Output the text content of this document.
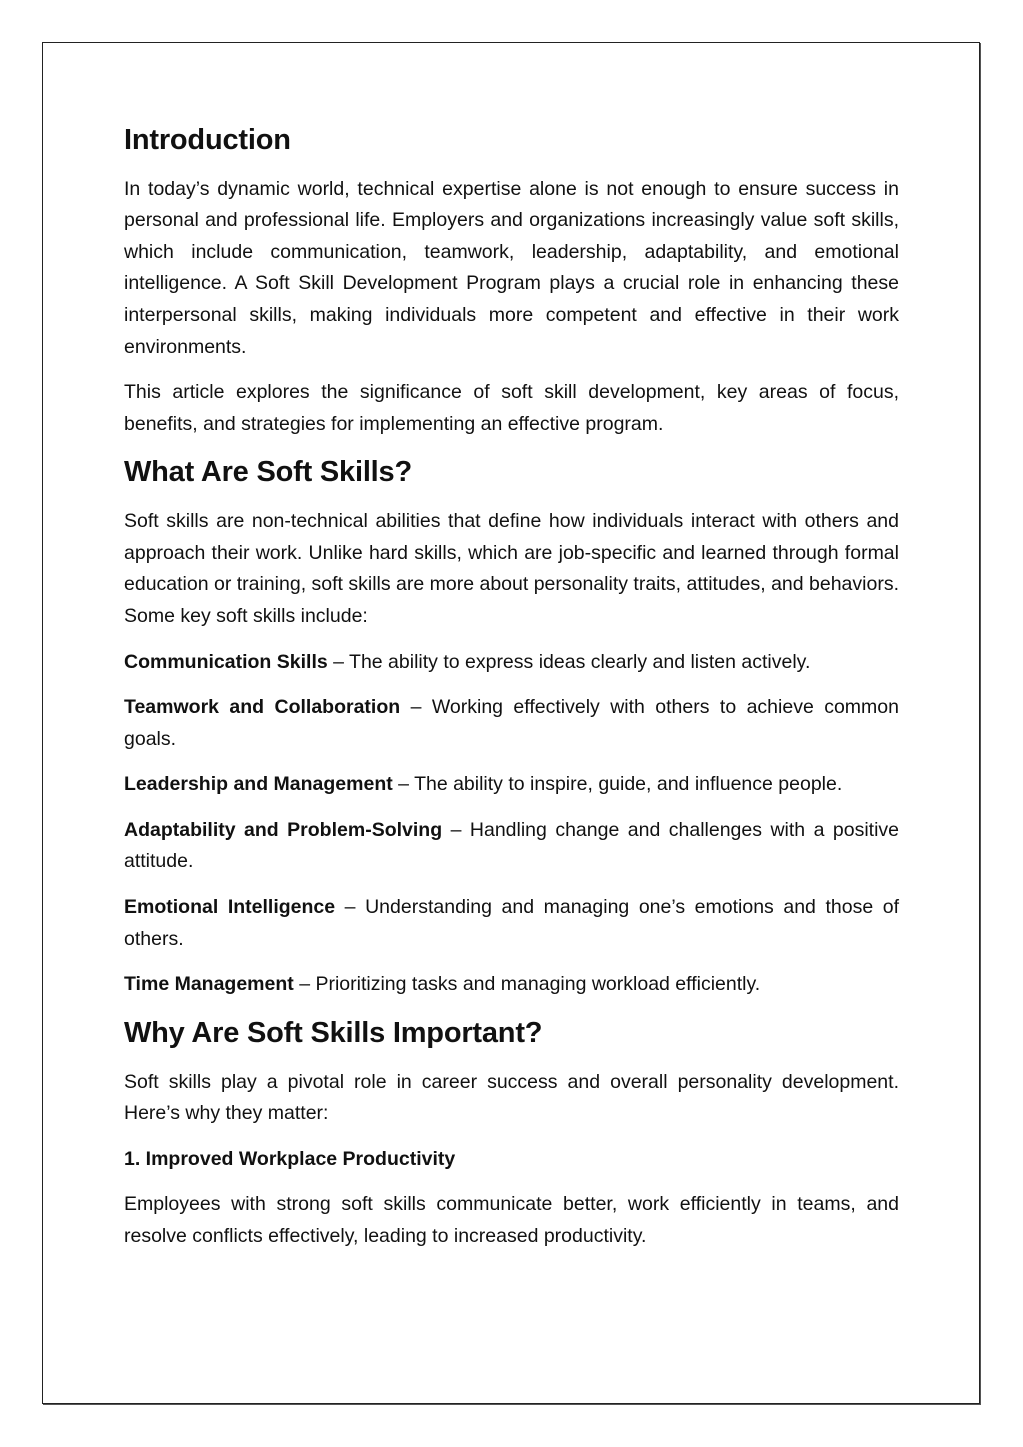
Introduction

In today’s dynamic world, technical expertise alone is not enough to ensure success in personal and professional life. Employers and organizations increasingly value soft skills, which include communication, teamwork, leadership, adaptability, and emotional intelligence. A Soft Skill Development Program plays a crucial role in enhancing these interpersonal skills, making individuals more competent and effective in their work environments.

This article explores the significance of soft skill development, key areas of focus, benefits, and strategies for implementing an effective program.

What Are Soft Skills?

Soft skills are non-technical abilities that define how individuals interact with others and approach their work. Unlike hard skills, which are job-specific and learned through formal education or training, soft skills are more about personality traits, attitudes, and behaviors. Some key soft skills include:

Communication Skills – The ability to express ideas clearly and listen actively.

Teamwork and Collaboration – Working effectively with others to achieve common goals.

Leadership and Management – The ability to inspire, guide, and influence people.

Adaptability and Problem-Solving – Handling change and challenges with a positive attitude.

Emotional Intelligence – Understanding and managing one’s emotions and those of others.

Time Management – Prioritizing tasks and managing workload efficiently.

Why Are Soft Skills Important?

Soft skills play a pivotal role in career success and overall personality development. Here’s why they matter:

1. Improved Workplace Productivity

Employees with strong soft skills communicate better, work efficiently in teams, and resolve conflicts effectively, leading to increased productivity.
